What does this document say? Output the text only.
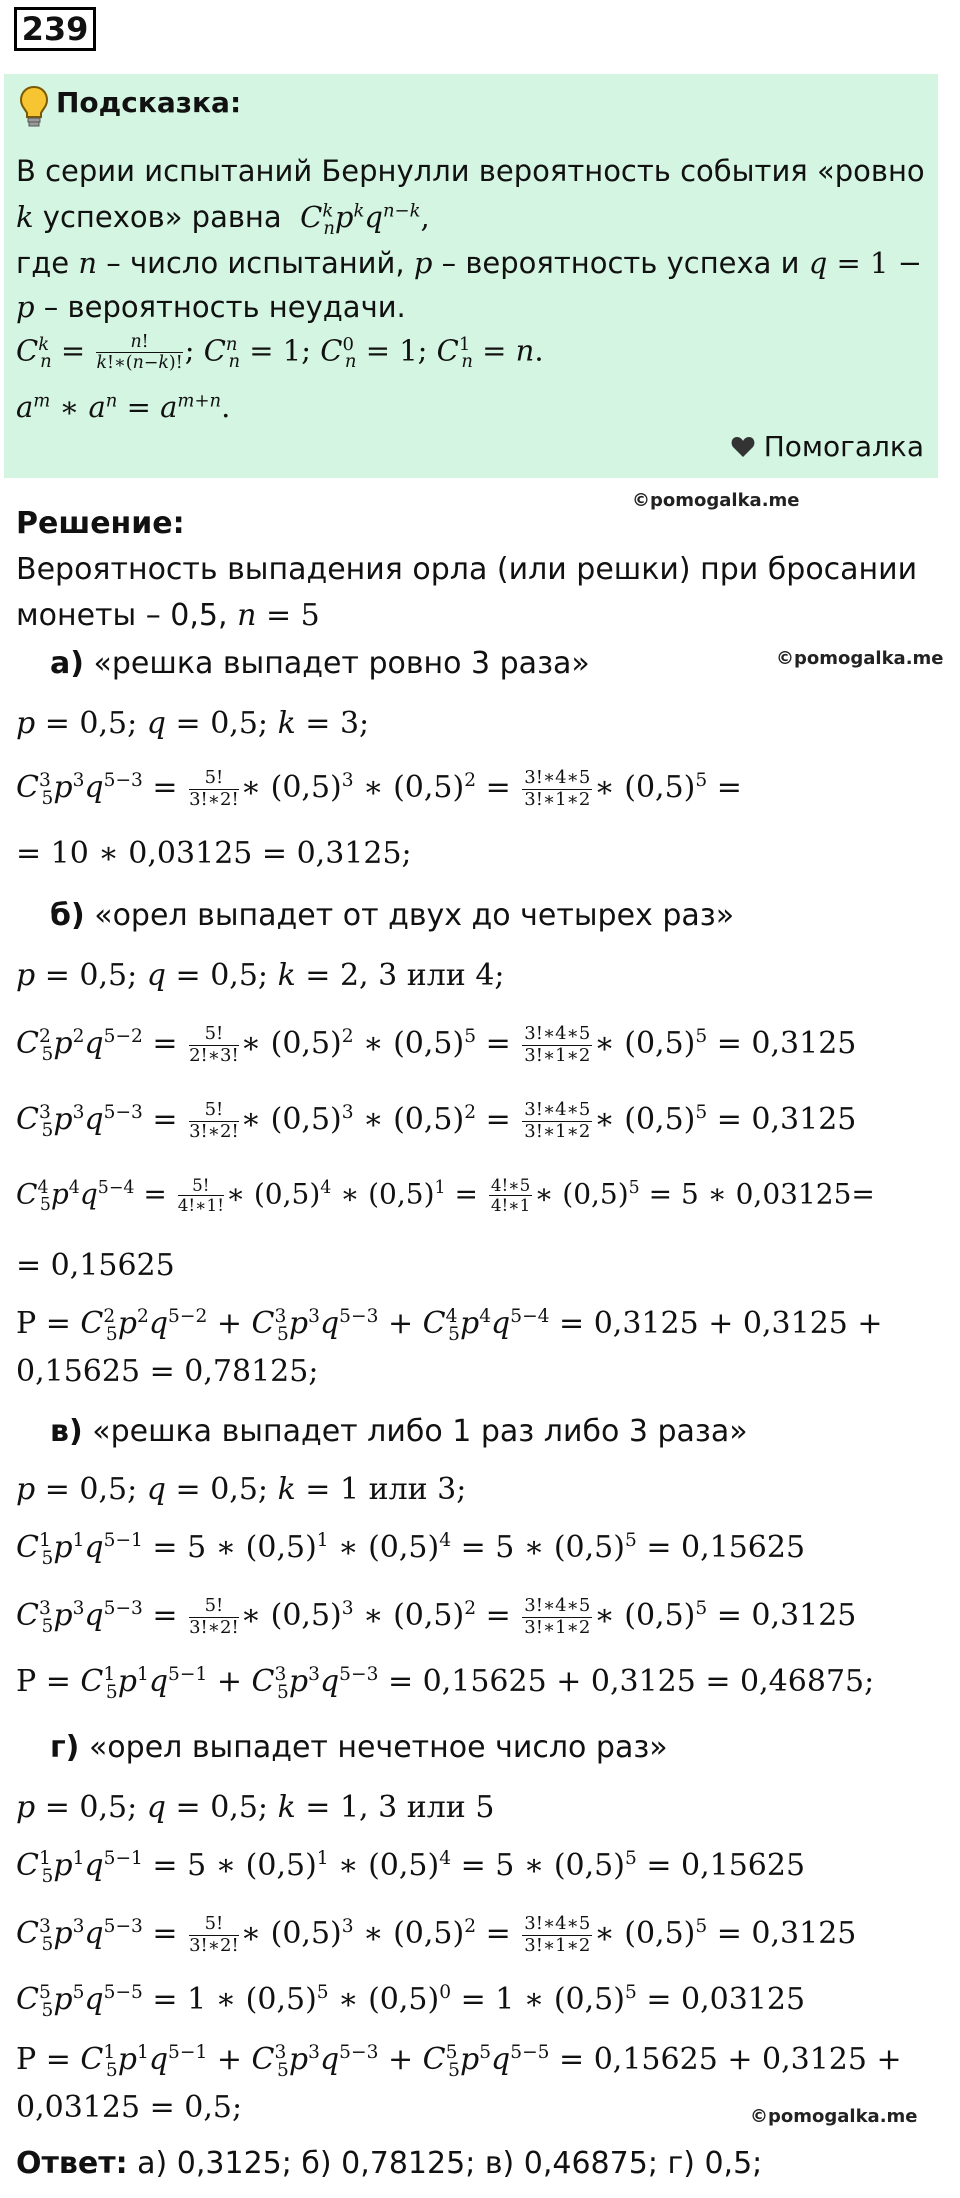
239
Подсказка:
В серии испытаний Бернулли вероятность события «ровно
k успехов» равна  $C^k_np^kq^{n-k}$,
где n – число испытаний, p – вероятность успеха и q = 1 −
p – вероятность неудачи.
$C^k_n = \frac{n!}{k!∗(n-k)!}$ ; $C^n_n = 1$; $C^0_n = 1$; $C^1_n = n$.
$a^m$ ∗ $a^n = a^{m+n}$.
Помогалка
©pomogalka.me
Решение:
Вероятность выпадения орла (или решки) при бросании
монеты – 0,5, n = 5
а) «решка выпадет ровно 3 раза»	©pomogalka.me
p = 0,5; q = 0,5; k = 3;
$C^3_5p^3q^{5-3} = \frac{5!}{3!∗2!}$ ∗ $(0,5)^3$ ∗ $(0,5)^2 = \frac{3!∗4∗5}{3!∗1∗2}$ ∗ $(0,5)^5$ =
= 10 ∗ 0,03125 = 0,3125;
б) «орел выпадет от двух до четырех раз»
p = 0,5; q = 0,5; k = 2, 3 или 4;
$C^2_5p^2q^{5-2} = \frac{5!}{2!∗3!}$ ∗ $(0,5)^2$ ∗ $(0,5)^5 = \frac{3!∗4∗5}{3!∗1∗2}$ ∗ $(0,5)^5 = 0,3125$
$C^3_5p^3q^{5-3} = \frac{5!}{3!∗2!}$ ∗ $(0,5)^3$ ∗ $(0,5)^2 = \frac{3!∗4∗5}{3!∗1∗2}$ ∗ $(0,5)^5 = 0,3125$
$C^4_5p^4q^{5-4} = \frac{5!}{4!∗1!}$ ∗ $(0,5)^4$ ∗ $(0,5)^1 = \frac{4!∗5}{4!∗1}$ ∗ $(0,5)^5 = 5$ ∗ 0,03125=
= 0,15625
$P = C^2_5p^2q^{5-2} + C^3_5p^3q^{5-3} + C^4_5p^4q^{5-4} = 0,3125 + 0,3125$ +
0,15625 = 0,78125;
в) «решка выпадет либо 1 раз либо 3 раза»
p = 0,5; q = 0,5; k = 1 или 3;
$C^1_5p^1q^{5-1} = 5$ ∗ $(0,5)^1$ ∗ $(0,5)^4 = 5$ ∗ $(0,5)^5 = 0,15625$
$C^3_5p^3q^{5-3} = \frac{5!}{3!∗2!}$ ∗ $(0,5)^3$ ∗ $(0,5)^2 = \frac{3!∗4∗5}{3!∗1∗2}$ ∗ $(0,5)^5 = 0,3125$
$P = C^1_5p^1q^{5-1} + C^3_5p^3q^{5-3} = 0,15625 + 0,3125 = 0,46875$;
г) «орел выпадет нечетное число раз»
p = 0,5; q = 0,5; k = 1, 3 или 5
$C^1_5p^1q^{5-1} = 5$ ∗ $(0,5)^1$ ∗ $(0,5)^4 = 5$ ∗ $(0,5)^5 = 0,15625$
$C^3_5p^3q^{5-3} = \frac{5!}{3!∗2!}$ ∗ $(0,5)^3$ ∗ $(0,5)^2 = \frac{3!∗4∗5}{3!∗1∗2}$ ∗ $(0,5)^5 = 0,3125$
$C^5_5p^5q^{5-5} = 1$ ∗ $(0,5)^5$ ∗ $(0,5)^0 = 1$ ∗ $(0,5)^5 = 0,03125$
$P = C^1_5p^1q^{5-1} + C^3_5p^3q^{5-3} + C^5_5p^5q^{5-5} = 0,15625 + 0,3125$ +
0,03125 = 0,5;	©pomogalka.me
Ответ: а) 0,3125; б) 0,78125; в) 0,46875; г) 0,5;
